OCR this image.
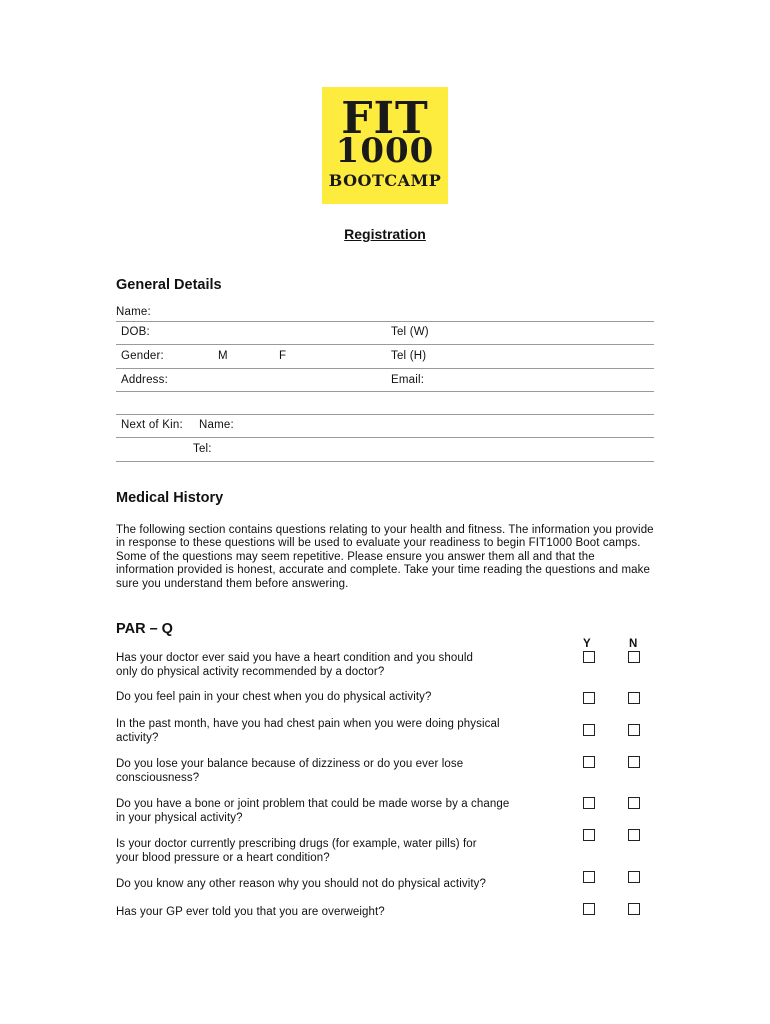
FIT
1000
BOOTCAMP
Registration
General Details
Name:
DOB:	Tel (W)
Gender:	M	F	Tel (H)
Address:	Email:
Next of Kin: Name:
Tel:
Medical History
The following section contains questions relating to your health and fitness. The information you provide in response to these questions will be used to evaluate your readiness to begin FIT1000 Boot camps. Some of the questions may seem repetitive. Please ensure you answer them all and that the information provided is honest, accurate and complete. Take your time reading the questions and make sure you understand them before answering.
PAR – Q
Y	N
Has your doctor ever said you have a heart condition and you should
only do physical activity recommended by a doctor?
Do you feel pain in your chest when you do physical activity?
In the past month, have you had chest pain when you were doing physical
activity?
Do you lose your balance because of dizziness or do you ever lose
consciousness?
Do you have a bone or joint problem that could be made worse by a change
in your physical activity?
Is your doctor currently prescribing drugs (for example, water pills) for
your blood pressure or a heart condition?
Do you know any other reason why you should not do physical activity?
Has your GP ever told you that you are overweight?
